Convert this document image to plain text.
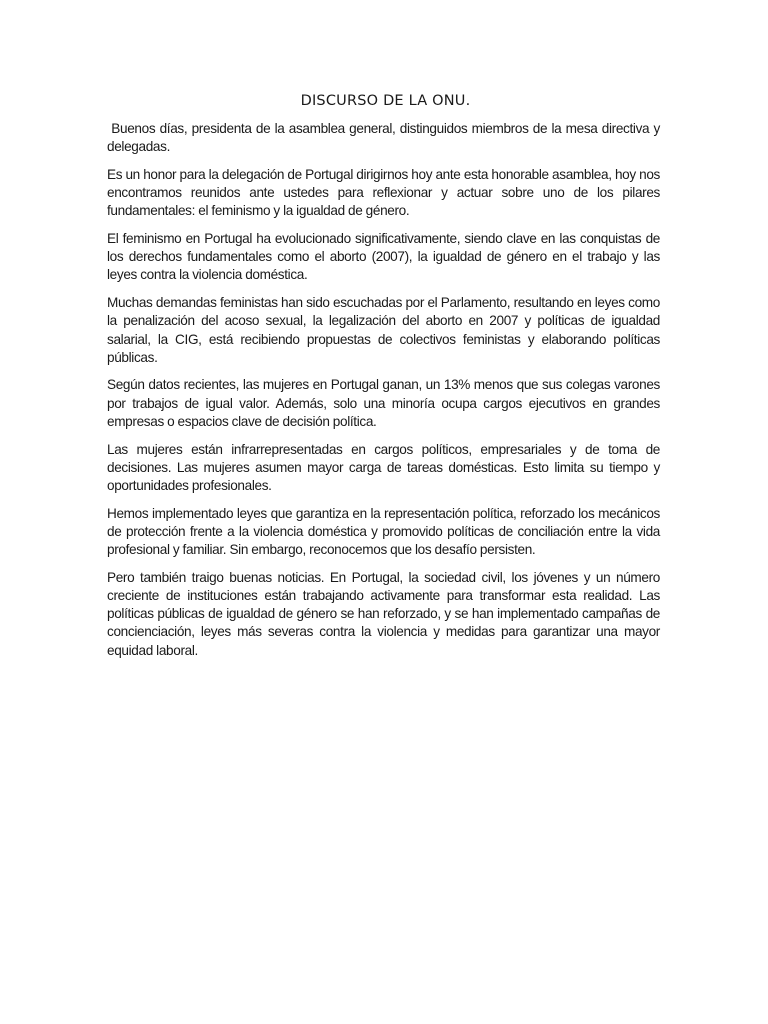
DISCURSO DE LA ONU.

Buenos días, presidenta de la asamblea general, distinguidos miembros de la mesa directiva y delegadas.

Es un honor para la delegación de Portugal dirigirnos hoy ante esta honorable asamblea, hoy nos encontramos reunidos ante ustedes para reflexionar y actuar sobre uno de los pilares fundamentales: el feminismo y la igualdad de género.

El feminismo en Portugal ha evolucionado significativamente, siendo clave en las conquistas de los derechos fundamentales como el aborto (2007), la igualdad de género en el trabajo y las leyes contra la violencia doméstica.

Muchas demandas feministas han sido escuchadas por el Parlamento, resultando en leyes como la penalización del acoso sexual, la legalización del aborto en 2007 y políticas de igualdad salarial, la CIG, está recibiendo propuestas de colectivos feministas y elaborando políticas públicas.

Según datos recientes, las mujeres en Portugal ganan, un 13% menos que sus colegas varones por trabajos de igual valor. Además, solo una minoría ocupa cargos ejecutivos en grandes empresas o espacios clave de decisión política.

Las mujeres están infrarrepresentadas en cargos políticos, empresariales y de toma de decisiones. Las mujeres asumen mayor carga de tareas domésticas. Esto limita su tiempo y oportunidades profesionales.

Hemos implementado leyes que garantiza en la representación política, reforzado los mecánicos de protección frente a la violencia doméstica y promovido políticas de conciliación entre la vida profesional y familiar. Sin embargo, reconocemos que los desafío persisten.

Pero también traigo buenas noticias. En Portugal, la sociedad civil, los jóvenes y un número creciente de instituciones están trabajando activamente para transformar esta realidad. Las políticas públicas de igualdad de género se han reforzado, y se han implementado campañas de concienciación, leyes más severas contra la violencia y medidas para garantizar una mayor equidad laboral.
